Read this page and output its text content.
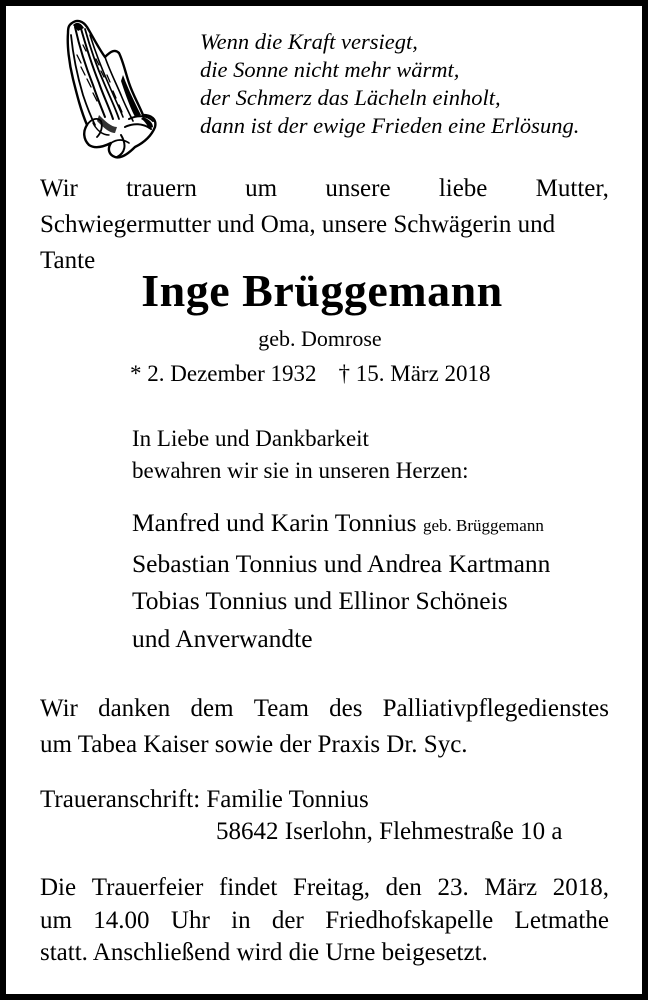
Wenn die Kraft versiegt,
die Sonne nicht mehr wärmt,
der Schmerz das Lächeln einholt,
dann ist der ewige Frieden eine Erlösung.
Wir trauern um unsere liebe Mutter,
Schwiegermutter und Oma, unsere Schwägerin und
Tante
Inge Brüggemann
geb. Domrose
* 2. Dezember 1932 † 15. März 2018
In Liebe und Dankbarkeit
bewahren wir sie in unseren Herzen:
Manfred und Karin Tonnius geb. Brüggemann
Sebastian Tonnius und Andrea Kartmann
Tobias Tonnius und Ellinor Schöneis
und Anverwandte
Wir danken dem Team des Palliativpflegedienstes
um Tabea Kaiser sowie der Praxis Dr. Syc.
Traueranschrift: Familie Tonnius
58642 Iserlohn, Flehmestraße 10 a
Die Trauerfeier findet Freitag, den 23. März 2018,
um 14.00 Uhr in der Friedhofskapelle Letmathe
statt. Anschließend wird die Urne beigesetzt.
